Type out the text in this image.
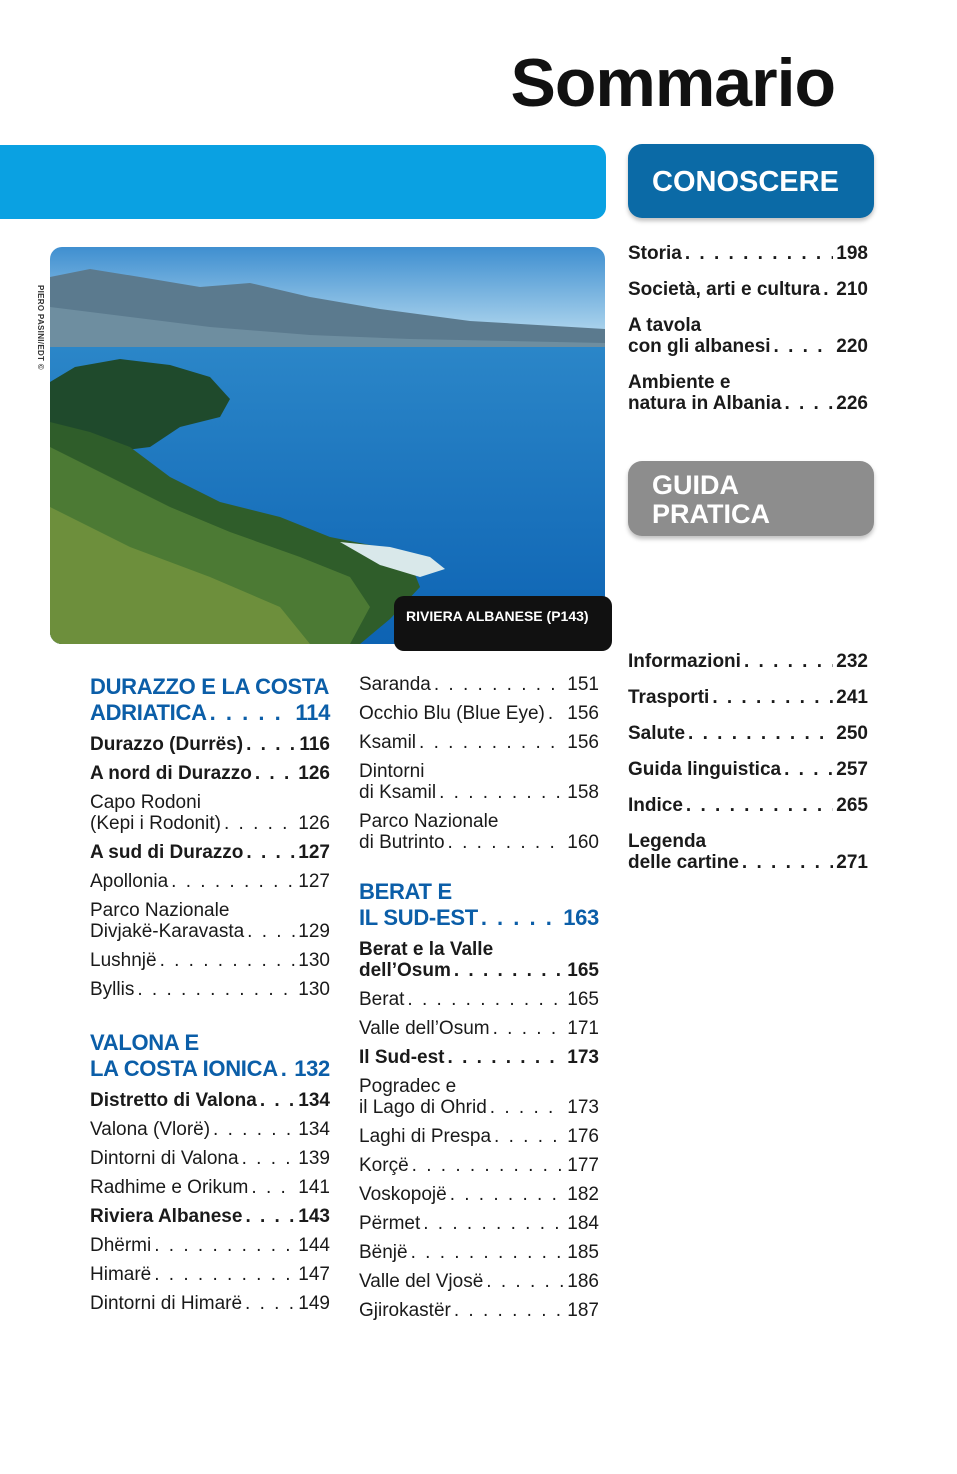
Sommario
CONOSCERE
GUIDA
PRATICA
PIERO PASINI/EDT ©
RIVIERA ALBANESE (P143)
DURAZZO E LA COSTA
ADRIATICA . . .	114
Durazzo (Durrës) . . .	116
A nord di Durazzo . . . 126
Capo Rodoni
(Kepi i Rodonit) . . .	126
A sud di Durazzo . . .	127
Apollonia . . .	127
Parco Nazionale
Divjakë-Karavasta . . .	129
Lushnjë . . .	130
Byllis . . .	130
VALONA E
LA COSTA IONICA . . . 132
Distretto di Valona . . . 134
Valona (Vlorë) . . .	134
Dintorni di Valona . . .	139
Radhime e Orikum . . .	141
Riviera Albanese . . .	143
Dhërmi . . .	144
Himarë . . .	147
Dintorni di Himarë . . .	149
Saranda . . .	151
Occhio Blu (Blue Eye) . . . 156
Ksamil . . .	156
Dintorni
di Ksamil . . .	158
Parco Nazionale
di Butrinto . . .	160
BERAT E
IL SUD-EST . . .	163
Berat e la Valle
dell’Osum . . .	165
Berat . . .	165
Valle dell’Osum . . .	171
Il Sud-est . . .	173
Pogradec e
il Lago di Ohrid . . .	173
Laghi di Prespa . . .	176
Korçë . . .	177
Voskopojë . . .	182
Përmet . . .	184
Bënjë . . .	185
Valle del Vjosë . . .	186
Gjirokastër . . .	187
Storia . . .	198
Società, arti e cultura . . . 210
A tavola
con gli albanesi . . .	220
Ambiente e
natura in Albania . . .	226
Informazioni . . .	232
Trasporti . . .	241
Salute . . .	250
Guida linguistica . . .	257
Indice . . .	265
Legenda
delle cartine . . .	271
